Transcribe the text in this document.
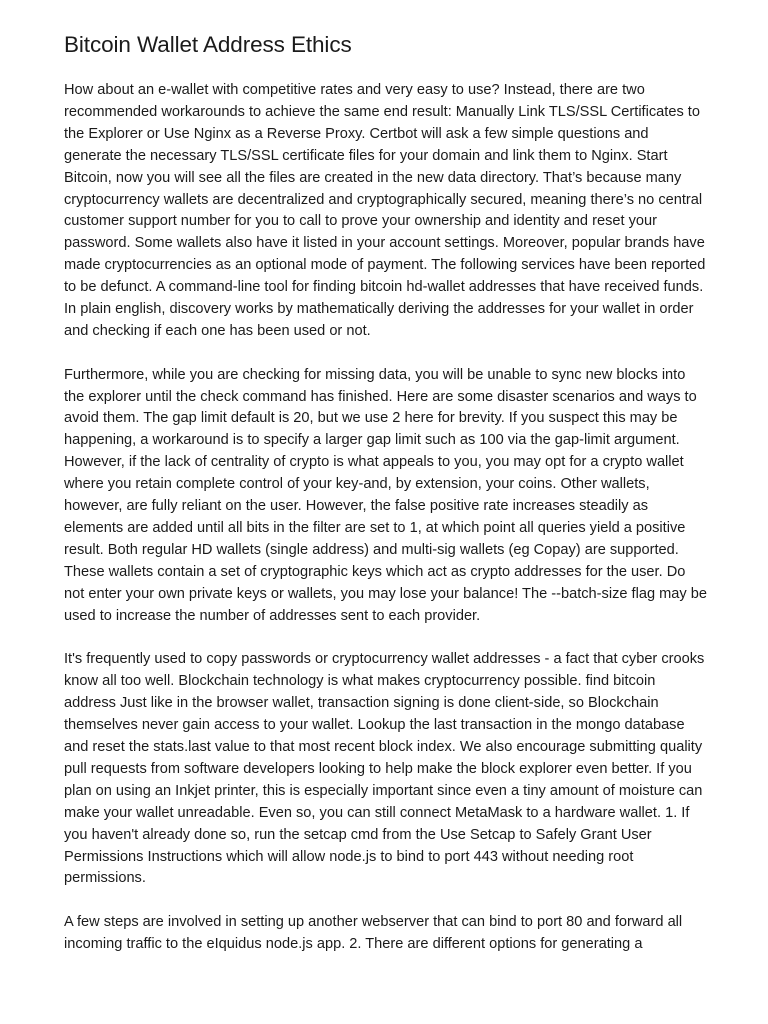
Bitcoin Wallet Address Ethics

How about an e-wallet with competitive rates and very easy to use? Instead, there are two recommended workarounds to achieve the same end result: Manually Link TLS/SSL Certificates to the Explorer or Use Nginx as a Reverse Proxy. Certbot will ask a few simple questions and generate the necessary TLS/SSL certificate files for your domain and link them to Nginx. Start Bitcoin, now you will see all the files are created in the new data directory. That’s because many cryptocurrency wallets are decentralized and cryptographically secured, meaning there’s no central customer support number for you to call to prove your ownership and identity and reset your password. Some wallets also have it listed in your account settings. Moreover, popular brands have made cryptocurrencies as an optional mode of payment. The following services have been reported to be defunct. A command-line tool for finding bitcoin hd-wallet addresses that have received funds. In plain english, discovery works by mathematically deriving the addresses for your wallet in order and checking if each one has been used or not.

Furthermore, while you are checking for missing data, you will be unable to sync new blocks into the explorer until the check command has finished. Here are some disaster scenarios and ways to avoid them. The gap limit default is 20, but we use 2 here for brevity. If you suspect this may be happening, a workaround is to specify a larger gap limit such as 100 via the gap-limit argument. However, if the lack of centrality of crypto is what appeals to you, you may opt for a crypto wallet where you retain complete control of your key-and, by extension, your coins. Other wallets, however, are fully reliant on the user. However, the false positive rate increases steadily as elements are added until all bits in the filter are set to 1, at which point all queries yield a positive result. Both regular HD wallets (single address) and multi-sig wallets (eg Copay) are supported. These wallets contain a set of cryptographic keys which act as crypto addresses for the user. Do not enter your own private keys or wallets, you may lose your balance! The --batch-size flag may be used to increase the number of addresses sent to each provider.

It's frequently used to copy passwords or cryptocurrency wallet addresses - a fact that cyber crooks know all too well. Blockchain technology is what makes cryptocurrency possible. find bitcoin address Just like in the browser wallet, transaction signing is done client-side, so Blockchain themselves never gain access to your wallet. Lookup the last transaction in the mongo database and reset the stats.last value to that most recent block index. We also encourage submitting quality pull requests from software developers looking to help make the block explorer even better. If you plan on using an Inkjet printer, this is especially important since even a tiny amount of moisture can make your wallet unreadable. Even so, you can still connect MetaMask to a hardware wallet. 1. If you haven't already done so, run the setcap cmd from the Use Setcap to Safely Grant User Permissions Instructions which will allow node.js to bind to port 443 without needing root permissions.

A few steps are involved in setting up another webserver that can bind to port 80 and forward all incoming traffic to the eIquidus node.js app. 2. There are different options for generating a
